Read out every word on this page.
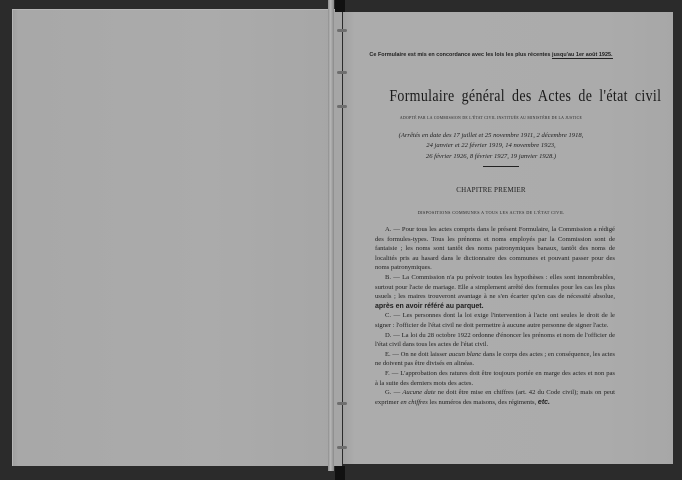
Ce Formulaire est mis en concordance avec les lois les plus récentes jusqu'au 1er août 1925.
Formulaire général des Actes de l'état civil
ADOPTÉ PAR LA COMMISSION DE L'ÉTAT CIVIL INSTITUÉE AU MINISTÈRE DE LA JUSTICE
(Arrêtés en date des 17 juillet et 25 novembre 1911, 2 décembre 1918,
24 janvier et 22 février 1919, 14 novembre 1923,
26 février 1926, 8 février 1927, 19 janvier 1928.)
CHAPITRE PREMIER
DISPOSITIONS COMMUNES A TOUS LES ACTES DE L'ÉTAT CIVIL

A. — Pour tous les actes compris dans le présent Formulaire, la Commission a rédigé des formules-types. Tous les prénoms et noms employés par la Commission sont de fantaisie ; les noms sont tantôt des noms patronymiques banaux, tantôt des noms de localités pris au hasard dans le dictionnaire des communes et pouvant passer pour des noms patronymiques.

B. — La Commission n'a pu prévoir toutes les hypothèses : elles sont innombrables, surtout pour l'acte de mariage. Elle a simplement arrêté des formules pour les cas les plus usuels ; les maires trouveront avantage à ne s'en écarter qu'en cas de nécessité absolue, après en avoir référé au parquet.

C. — Les personnes dont la loi exige l'intervention à l'acte ont seules le droit de le signer : l'officier de l'état civil ne doit permettre à aucune autre personne de signer l'acte.

D. — La loi du 28 octobre 1922 ordonne d'énoncer les prénoms et nom de l'officier de l'état civil dans tous les actes de l'état civil.

E. — On ne doit laisser aucun blanc dans le corps des actes ; en conséquence, les actes ne doivent pas être divisés en alinéas.

F. — L'approbation des ratures doit être toujours portée en marge des actes et non pas à la suite des derniers mots des actes.

G. — Aucune date ne doit être mise en chiffres (art. 42 du Code civil); mais on peut exprimer en chiffres les numéros des maisons, des régiments, etc.
